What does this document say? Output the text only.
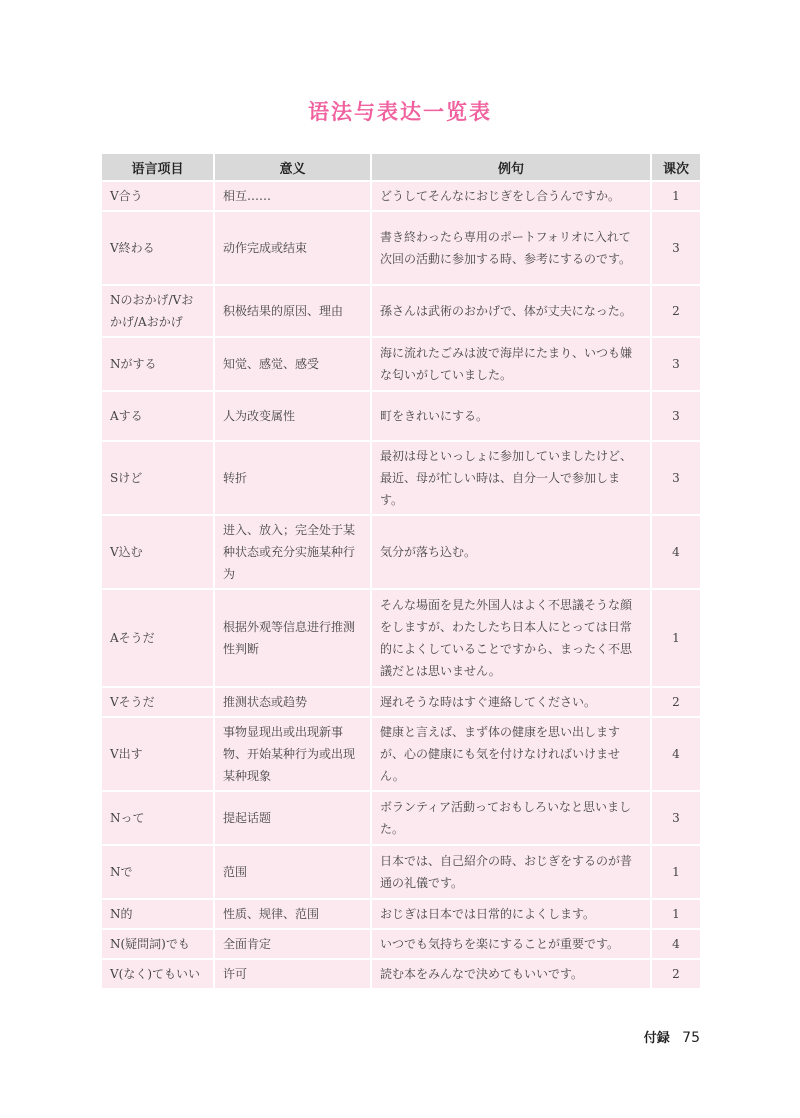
语法与表达一览表
语言项目	意义	例句	课次
V合う	相互……	どうしてそんなにおじぎをし合うんですか。	1
V終わる	动作完成或结束	書き終わったら専用のポートフォリオに入れて次回の活動に参加する時、参考にするのです。	3
Nのおかげ/Vおかげ/Aおかげ	积极结果的原因、理由	孫さんは武術のおかげで、体が丈夫になった。	2
Nがする	知觉、感觉、感受	海に流れたごみは波で海岸にたまり、いつも嫌な匂いがしていました。	3
Aする	人为改变属性	町をきれいにする。	3
Sけど	转折	最初は母といっしょに参加していましたけど、最近、母が忙しい時は、自分一人で参加します。	3
V込む	进入、放入；完全处于某种状态或充分实施某种行为	気分が落ち込む。	4
Aそうだ	根据外观等信息进行推测性判断	そんな場面を見た外国人はよく不思議そうな顔をしますが、わたしたち日本人にとっては日常的によくしていることですから、まったく不思議だとは思いません。	1
Vそうだ	推测状态或趋势	遅れそうな時はすぐ連絡してください。	2
V出す	事物显现出或出现新事物、开始某种行为或出现某种现象	健康と言えば、まず体の健康を思い出しますが、心の健康にも気を付けなければいけません。	4
Nって	提起话题	ボランティア活動っておもしろいなと思いました。	3
Nで	范围	日本では、自己紹介の時、おじぎをするのが普通の礼儀です。	1
N的	性质、规律、范围	おじぎは日本では日常的によくします。	1
N(疑問詞)でも	全面肯定	いつでも気持ちを楽にすることが重要です。	4
V(なく)てもいい	许可	読む本をみんなで決めてもいいです。	2
付録 75
